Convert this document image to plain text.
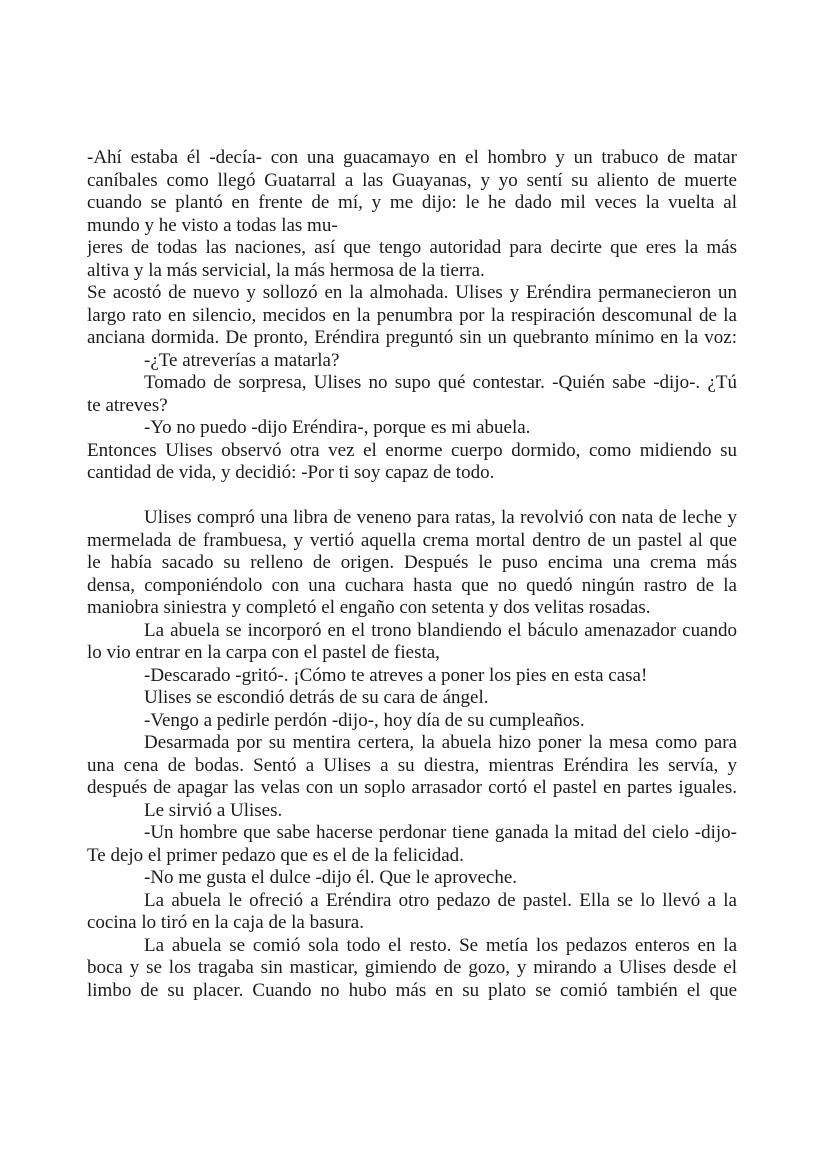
-Ahí estaba él -decía- con una guacamayo en el hombro y un trabuco de matar
caníbales como llegó Guatarral a las Guayanas, y yo sentí su aliento de muerte
cuando se plantó en frente de mí, y me dijo: le he dado mil veces la vuelta al
mundo y he visto a todas las mu-
jeres de todas las naciones, así que tengo autoridad para decirte que eres la más
altiva y la más servicial, la más hermosa de la tierra.
Se acostó de nuevo y sollozó en la almohada. Ulises y Eréndira permanecieron un
largo rato en silencio, mecidos en la penumbra por la respiración descomunal de la
anciana dormida. De pronto, Eréndira preguntó sin un quebranto mínimo en la voz:
-¿Te atreverías a matarla?
Tomado de sorpresa, Ulises no supo qué contestar. -Quién sabe -dijo-. ¿Tú
te atreves?
-Yo no puedo -dijo Eréndira-, porque es mi abuela.
Entonces Ulises observó otra vez el enorme cuerpo dormido, como midiendo su
cantidad de vida, y decidió: -Por ti soy capaz de todo.
Ulises compró una libra de veneno para ratas, la revolvió con nata de leche y
mermelada de frambuesa, y vertió aquella crema mortal dentro de un pastel al que
le había sacado su relleno de origen. Después le puso encima una crema más
densa, componiéndolo con una cuchara hasta que no quedó ningún rastro de la
maniobra siniestra y completó el engaño con setenta y dos velitas rosadas.
La abuela se incorporó en el trono blandiendo el báculo amenazador cuando
lo vio entrar en la carpa con el pastel de fiesta,
-Descarado -gritó-. ¡Cómo te atreves a poner los pies en esta casa!
Ulises se escondió detrás de su cara de ángel.
-Vengo a pedirle perdón -dijo-, hoy día de su cumpleaños.
Desarmada por su mentira certera, la abuela hizo poner la mesa como para
una cena de bodas. Sentó a Ulises a su diestra, mientras Eréndira les servía, y
después de apagar las velas con un soplo arrasador cortó el pastel en partes iguales.
Le sirvió a Ulises.
-Un hombre que sabe hacerse perdonar tiene ganada la mitad del cielo -dijo-
Te dejo el primer pedazo que es el de la felicidad.
-No me gusta el dulce -dijo él. Que le aproveche.
La abuela le ofreció a Eréndira otro pedazo de pastel. Ella se lo llevó a la
cocina lo tiró en la caja de la basura.
La abuela se comió sola todo el resto. Se metía los pedazos enteros en la
boca y se los tragaba sin masticar, gimiendo de gozo, y mirando a Ulises desde el
limbo de su placer. Cuando no hubo más en su plato se comió también el que
